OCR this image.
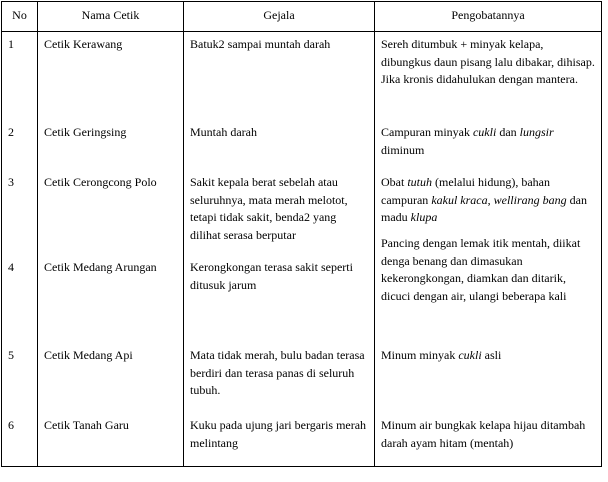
No	Nama Cetik	Gejala	Pengobatannya
1	Cetik Kerawang	Batuk2 sampai muntah darah	Sereh ditumbuk + minyak kelapa, dibungkus daun pisang lalu dibakar, dihisap. Jika kronis didahulukan dengan mantera.
2	Cetik Geringsing	Muntah darah	Campuran minyak cukli dan lungsir diminum
3	Cetik Cerongcong Polo	Sakit kepala berat sebelah atau seluruhnya, mata merah melotot, tetapi tidak sakit, benda2 yang dilihat serasa berputar	Obat tutuh (melalui hidung), bahan campuran kakul kraca, wellirang bang dan madu klupa
4	Cetik Medang Arungan	Kerongkongan terasa sakit seperti ditusuk jarum	Pancing dengan lemak itik mentah, diikat denga benang dan dimasukan kekerongkongan, diamkan dan ditarik, dicuci dengan air, ulangi beberapa kali

5	Cetik Medang Api	Mata tidak merah, bulu badan terasa berdiri dan terasa panas di seluruh tubuh.	Minum minyak cukli asli
6	Cetik Tanah Garu	Kuku pada ujung jari bergaris merah melintang	Minum air bungkak kelapa hijau ditambah darah ayam hitam (mentah)
